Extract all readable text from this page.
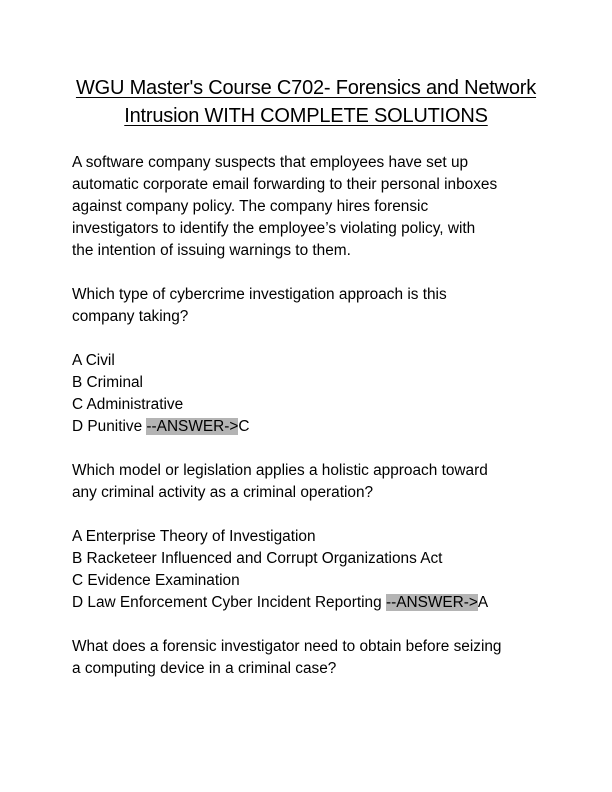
WGU Master's Course C702- Forensics and Network
Intrusion WITH COMPLETE SOLUTIONS

A software company suspects that employees have set up
automatic corporate email forwarding to their personal inboxes
against company policy. The company hires forensic
investigators to identify the employee’s violating policy, with
the intention of issuing warnings to them.

Which type of cybercrime investigation approach is this
company taking?

A Civil
B Criminal
C Administrative
D Punitive --ANSWER->C

Which model or legislation applies a holistic approach toward
any criminal activity as a criminal operation?

A Enterprise Theory of Investigation
B Racketeer Influenced and Corrupt Organizations Act
C Evidence Examination
D Law Enforcement Cyber Incident Reporting --ANSWER->A

What does a forensic investigator need to obtain before seizing
a computing device in a criminal case?
